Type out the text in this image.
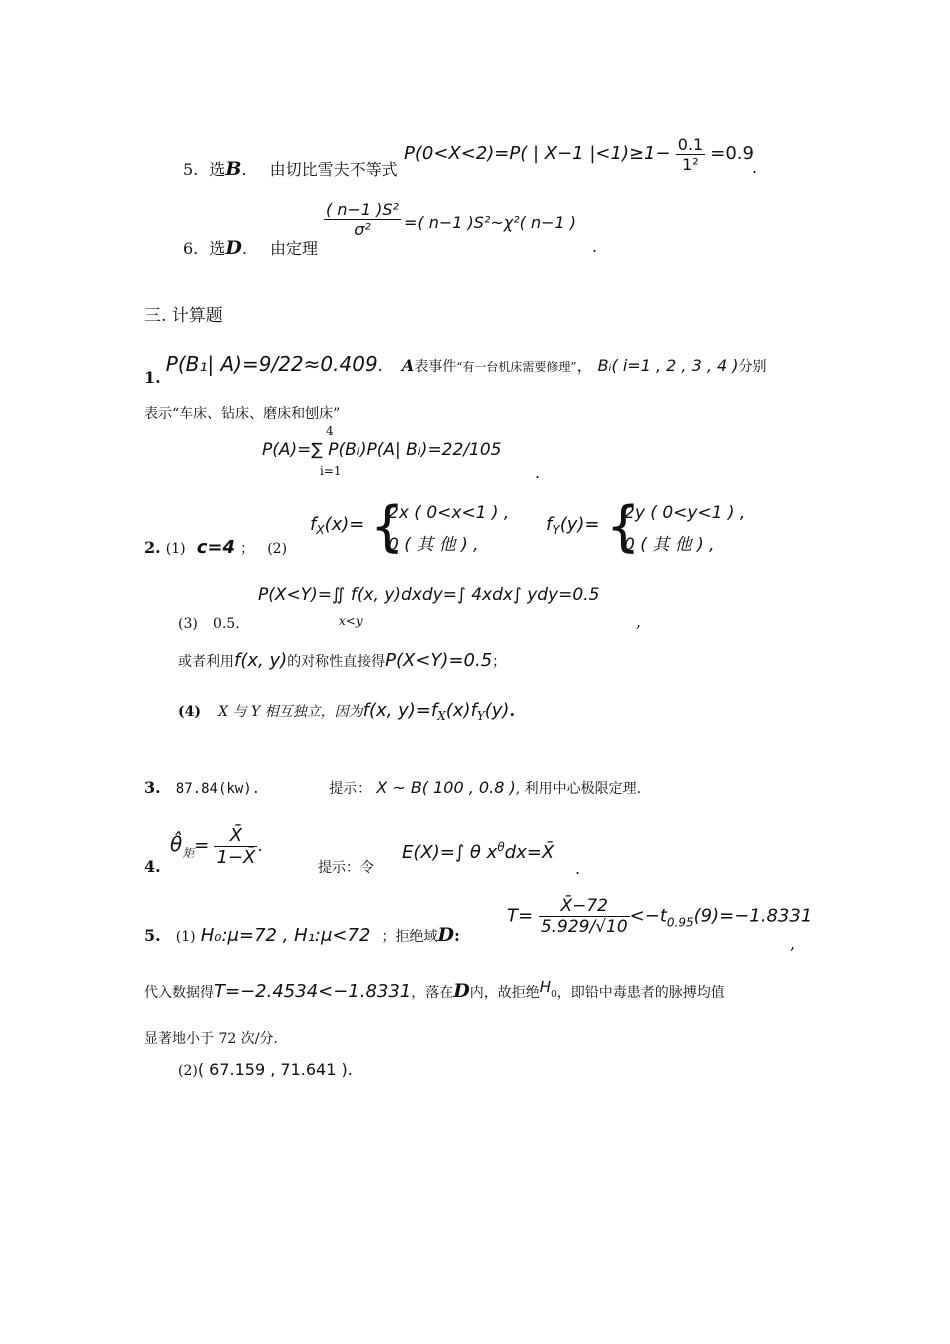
P(0<X<2)=P( | X−1 $|<1)\ge 1- \frac{0.1}{\text{1²}} =0.9$
5. 选B. 由切比雪夫不等式	.
$\frac{\text{( n−1 )S²}}{\text{σ²}}$ =( n−1 )S²~χ²( n−1 )
6. 选D. 由定理	.
三. 计算题
1. P(B₁| A)=9/22≈0.409. A表事件“有一台机床需要修理”， Bᵢ( i=1 , 2 , 3 , 4 )分别
表示“车床、钻床、磨床和刨床”
P(A)=∑ P(Bᵢ)P(A| Bᵢ)=22/105
4
i=1	.
2. (1) c=4 ； (2)
$f_X(x)=$ {
2x ( 0<x<1 ) ,
0 ( 其 他 ) ,
$f_Y(y)=$ {
2y ( 0<y<1 ) ,
0 ( 其 他 ) ,
P(X<Y)=∬ f(x, y)dxdy=∫ 4xdx∫ ydy=0.5
x<y
(3) 0.5.	,
或者利用f(x, y)的对称性直接得P(X<Y)=0.5；
(4) X 与 Y 相互独立，因为f(x, $y)=f_X(x)f_Y(y)$.
3. 87.84(kw).	提示： X ~ B( 100 , 0.8 ), 利用中心极限定理.
$\thetâ_矩= \frac{X̄}{1-X̄}$ .
4.	提示：令
E(X)=∫ θ $x^\theta dx=X̄$
.
5. (1) H₀:μ=72 , H₁:μ<72 ；拒绝域D:
$T= \frac{X̄-72}{5.929/√10} <-t_{0.95}(9)=-1.8331$
,
代入数据得T=−2.4534<−1.8331，落在D内，故拒绝H0，即铅中毒患者的脉搏均值
显著地小于 72 次/分.
(2)( 67.159 , 71.641 ).
